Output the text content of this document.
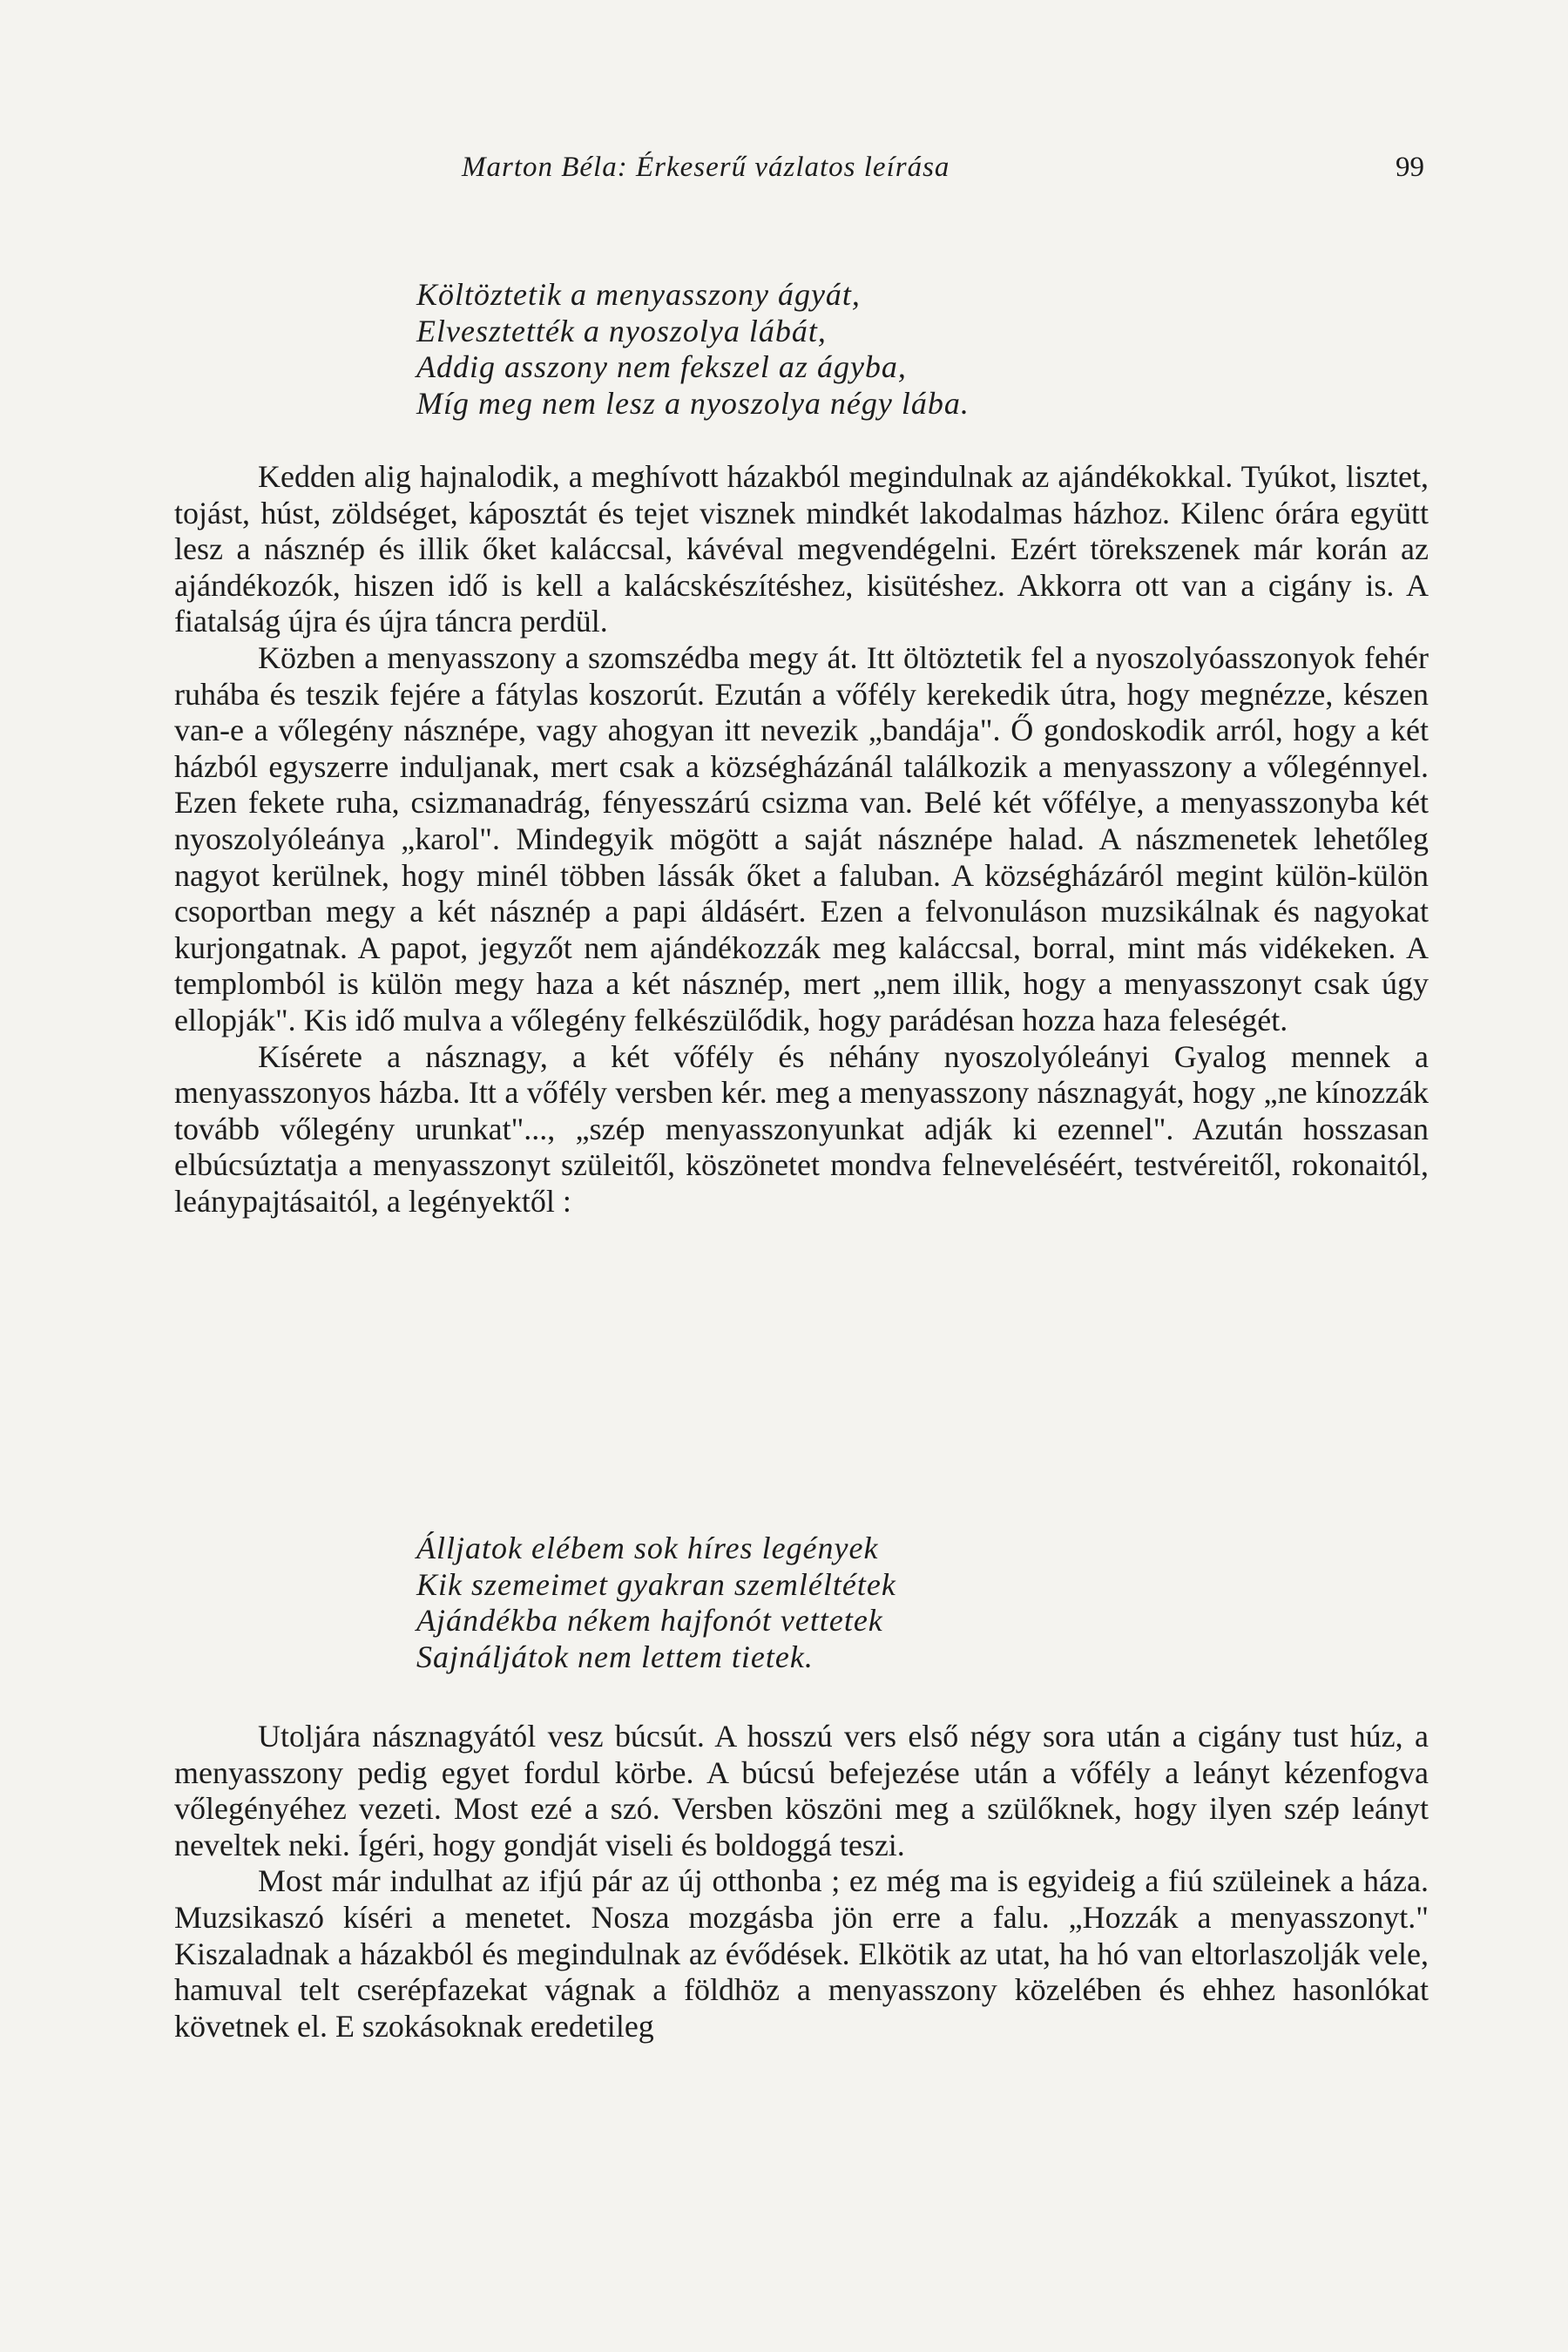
Marton Béla: Érkeserű vázlatos leírása	99
Költöztetik a menyasszony ágyát,
Elvesztették a nyoszolya lábát,
Addig asszony nem fekszel az ágyba,
Míg meg nem lesz a nyoszolya négy lába.

Kedden alig hajnalodik, a meghívott házakból megindulnak az ajándékokkal. Tyúkot, lisztet, tojást, húst, zöldséget, káposztát és tejet visznek mindkét lakodalmas házhoz. Kilenc órára együtt lesz a násznép és illik őket kaláccsal, kávéval megvendégelni. Ezért törekszenek már korán az ajándékozók, hiszen idő is kell a kalácskészítéshez, kisütéshez. Akkorra ott van a cigány is. A fiatalság újra és újra táncra perdül.

Közben a menyasszony a szomszédba megy át. Itt öltöztetik fel a nyoszolyóasszonyok fehér ruhába és teszik fejére a fátylas koszorút. Ezután a vőfély kerekedik útra, hogy megnézze, készen van-e a vőlegény násznépe, vagy ahogyan itt nevezik „bandája". Ő gondoskodik arról, hogy a két házból egyszerre induljanak, mert csak a községházánál találkozik a menyasszony a vőlegénnyel. Ezen fekete ruha, csizmanadrág, fényesszárú csizma van. Belé két vőfélye, a menyasszonyba két nyoszolyóleánya „karol". Mindegyik mögött a saját násznépe halad. A nászmenetek lehetőleg nagyot kerülnek, hogy minél többen lássák őket a faluban. A községházáról megint külön-külön csoportban megy a két násznép a papi áldásért. Ezen a felvonuláson muzsikálnak és nagyokat kurjongatnak. A papot, jegyzőt nem ajándékozzák meg kaláccsal, borral, mint más vidékeken. A templomból is külön megy haza a két násznép, mert „nem illik, hogy a menyasszonyt csak úgy ellopják". Kis idő mulva a vőlegény felkészülődik, hogy parádésan hozza haza feleségét.

Kísérete a násznagy, a két vőfély és néhány nyoszolyóleányi Gyalog mennek a menyasszonyos házba. Itt a vőfély versben kér. meg a menyasszony násznagyát, hogy „ne kínozzák tovább vőlegény urunkat"..., „szép menyasszonyunkat adják ki ezennel". Azután hosszasan elbúcsúztatja a menyasszonyt szüleitől, köszönetet mondva felneveléséért, testvéreitől, rokonaitól, leánypajtásaitól, a legényektől :

Álljatok elébem sok híres legények
Kik szemeimet gyakran szemléltétek
Ajándékba nékem hajfonót vettetek
Sajnáljátok nem lettem tietek.

Utoljára násznagyától vesz búcsút. A hosszú vers első négy sora után a cigány tust húz, a menyasszony pedig egyet fordul körbe. A búcsú befejezése után a vőfély a leányt kézenfogva vőlegényéhez vezeti. Most ezé a szó. Versben köszöni meg a szülőknek, hogy ilyen szép leányt neveltek neki. Ígéri, hogy gondját viseli és boldoggá teszi.

Most már indulhat az ifjú pár az új otthonba ; ez még ma is egyideig a fiú szüleinek a háza. Muzsikaszó kíséri a menetet. Nosza mozgásba jön erre a falu. „Hozzák a menyasszonyt." Kiszaladnak a házakból és megindulnak az évődések. Elkötik az utat, ha hó van eltorlaszolják vele, hamuval telt cserépfazekat vágnak a földhöz a menyasszony közelében és ehhez hasonlókat követnek el. E szokásoknak eredetileg
